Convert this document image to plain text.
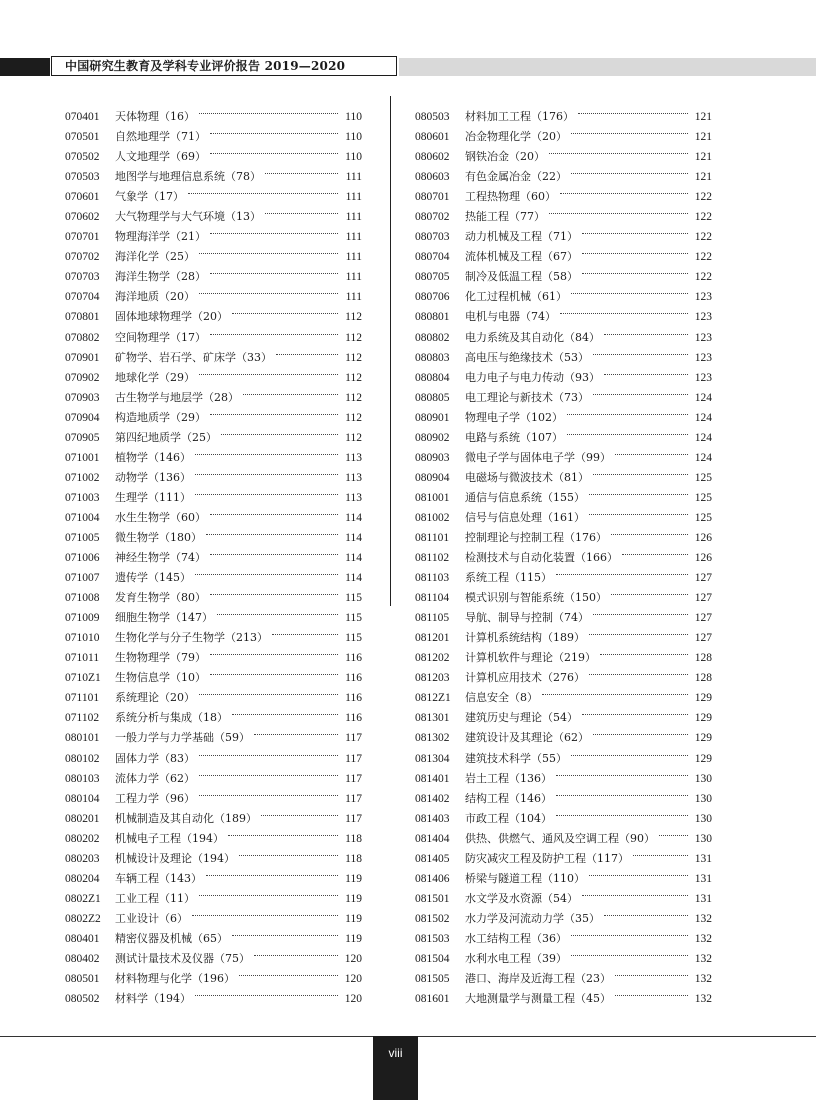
中国研究生教育及学科专业评价报告 2019—2020
070401	天体物理（16）	110
070501	自然地理学（71）	110
070502	人文地理学（69）	110
070503	地图学与地理信息系统（78）	111
070601	气象学（17）	111
070602	大气物理学与大气环境（13）	111
070701	物理海洋学（21）	111
070702	海洋化学（25）	111
070703	海洋生物学（28）	111
070704	海洋地质（20）	111
070801	固体地球物理学（20）	112
070802	空间物理学（17）	112
070901	矿物学、岩石学、矿床学（33）	112
070902	地球化学（29）	112
070903	古生物学与地层学（28）	112
070904	构造地质学（29）	112
070905	第四纪地质学（25）	112
071001	植物学（146）	113
071002	动物学（136）	113
071003	生理学（111）	113
071004	水生生物学（60）	114
071005	微生物学（180）	114
071006	神经生物学（74）	114
071007	遗传学（145）	114
071008	发育生物学（80）	115
071009	细胞生物学（147）	115
071010	生物化学与分子生物学（213）	115
071011	生物物理学（79）	116
0710Z1	生物信息学（10）	116
071101	系统理论（20）	116
071102	系统分析与集成（18）	116
080101	一般力学与力学基础（59）	117
080102	固体力学（83）	117
080103	流体力学（62）	117
080104	工程力学（96）	117
080201	机械制造及其自动化（189）	117
080202	机械电子工程（194）	118
080203	机械设计及理论（194）	118
080204	车辆工程（143）	119
0802Z1	工业工程（11）	119
0802Z2	工业设计（6）	119
080401	精密仪器及机械（65）	119
080402	测试计量技术及仪器（75）	120
080501	材料物理与化学（196）	120
080502	材料学（194）	120
080503	材料加工工程（176）	121
080601	冶金物理化学（20）	121
080602	钢铁冶金（20）	121
080603	有色金属冶金（22）	121
080701	工程热物理（60）	122
080702	热能工程（77）	122
080703	动力机械及工程（71）	122
080704	流体机械及工程（67）	122
080705	制冷及低温工程（58）	122
080706	化工过程机械（61）	123
080801	电机与电器（74）	123
080802	电力系统及其自动化（84）	123
080803	高电压与绝缘技术（53）	123
080804	电力电子与电力传动（93）	123
080805	电工理论与新技术（73）	124
080901	物理电子学（102）	124
080902	电路与系统（107）	124
080903	微电子学与固体电子学（99）	124
080904	电磁场与微波技术（81）	125
081001	通信与信息系统（155）	125
081002	信号与信息处理（161）	125
081101	控制理论与控制工程（176）	126
081102	检测技术与自动化装置（166）	126
081103	系统工程（115）	127
081104	模式识别与智能系统（150）	127
081105	导航、制导与控制（74）	127
081201	计算机系统结构（189）	127
081202	计算机软件与理论（219）	128
081203	计算机应用技术（276）	128
0812Z1	信息安全（8）	129
081301	建筑历史与理论（54）	129
081302	建筑设计及其理论（62）	129
081304	建筑技术科学（55）	129
081401	岩土工程（136）	130
081402	结构工程（146）	130
081403	市政工程（104）	130
081404	供热、供燃气、通风及空调工程（90）	130
081405	防灾减灾工程及防护工程（117）	131
081406	桥梁与隧道工程（110）	131
081501	水文学及水资源（54）	131
081502	水力学及河流动力学（35）	132
081503	水工结构工程（36）	132
081504	水利水电工程（39）	132
081505	港口、海岸及近海工程（23）	132
081601	大地测量学与测量工程（45）	132
viii
